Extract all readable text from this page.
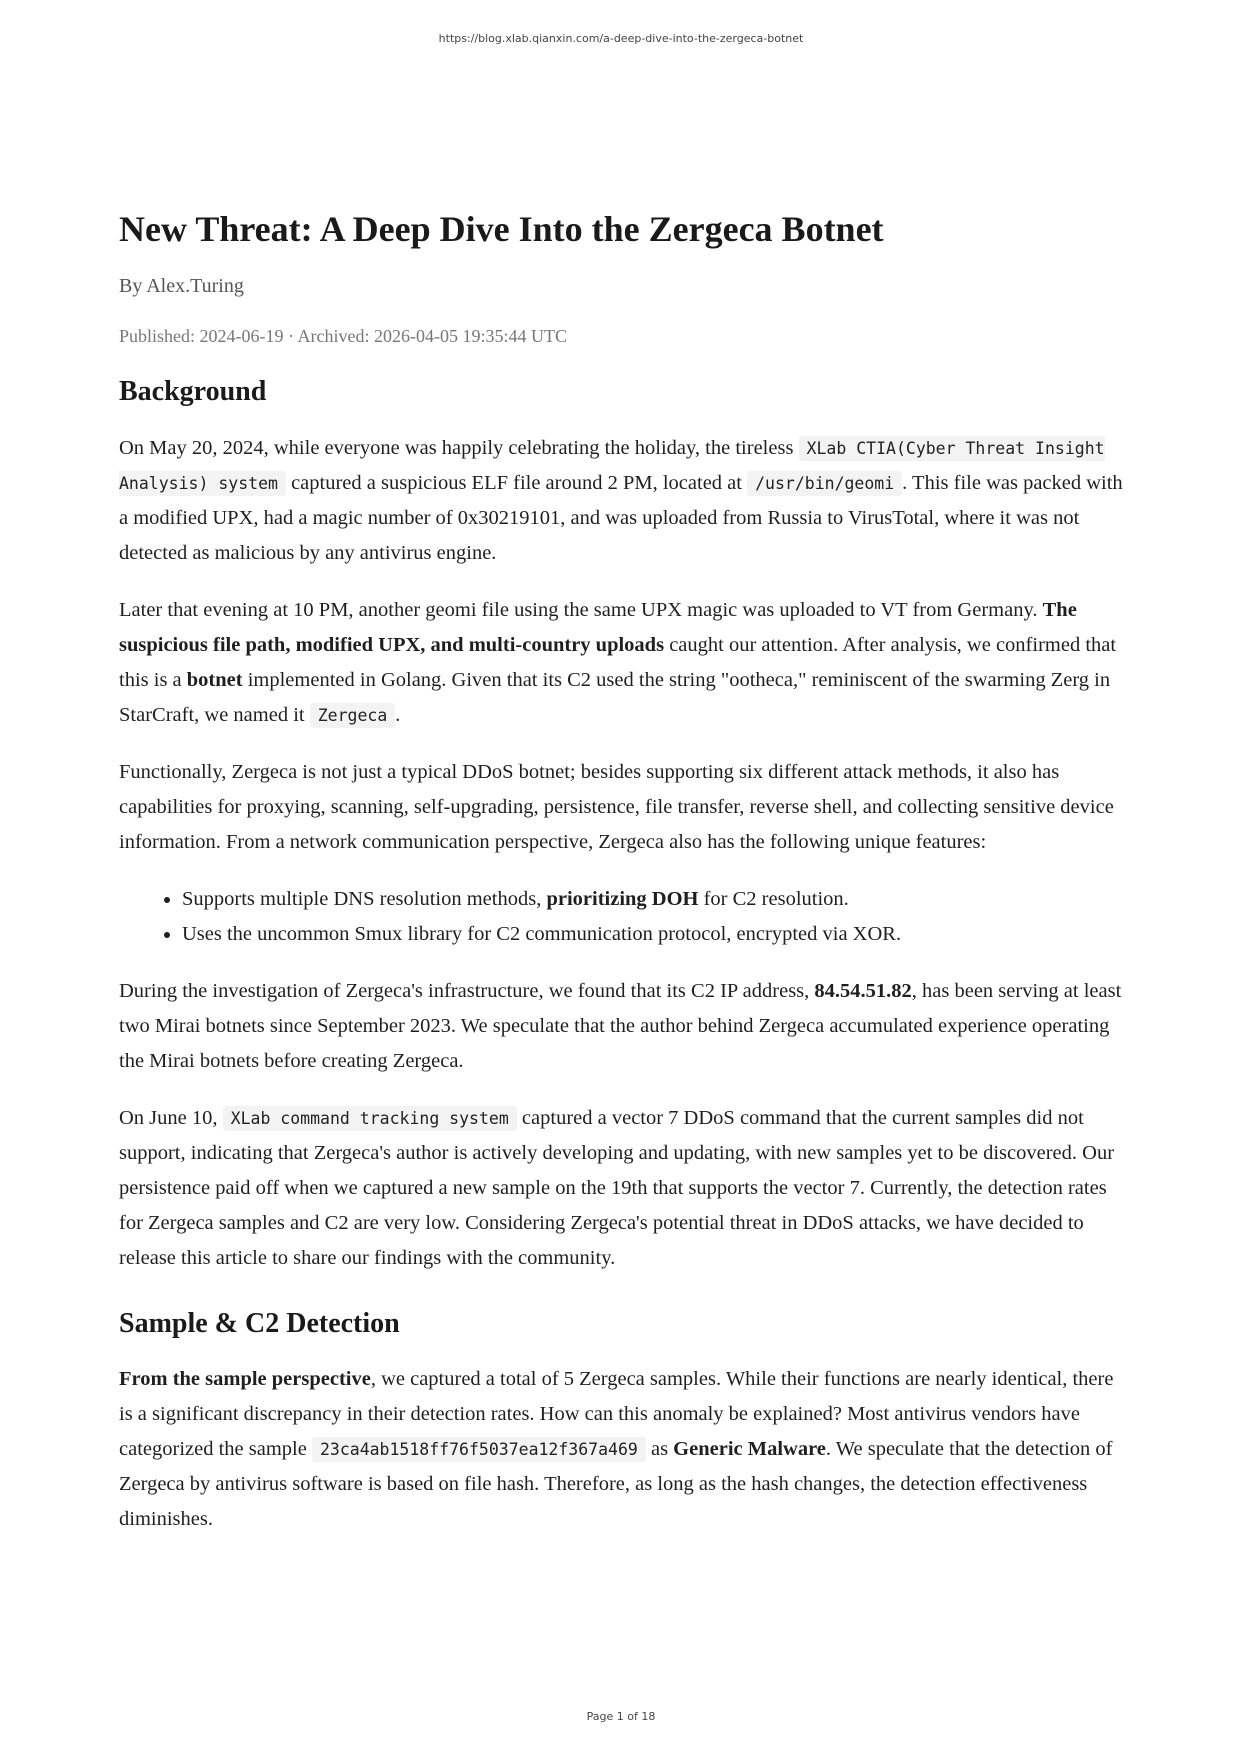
https://blog.xlab.qianxin.com/a-deep-dive-into-the-zergeca-botnet
New Threat: A Deep Dive Into the Zergeca Botnet
By Alex.Turing
Published: 2024-06-19 · Archived: 2026-04-05 19:35:44 UTC
Background

On May 20, 2024, while everyone was happily celebrating the holiday, the tireless XLab CTIA(Cyber Threat Insight Analysis) system captured a suspicious ELF file around 2 PM, located at /usr/bin/geomi . This file was packed with a modified UPX, had a magic number of 0x30219101, and was uploaded from Russia to VirusTotal, where it was not detected as malicious by any antivirus engine.

Later that evening at 10 PM, another geomi file using the same UPX magic was uploaded to VT from Germany. The suspicious file path, modified UPX, and multi-country uploads caught our attention. After analysis, we confirmed that this is a botnet implemented in Golang. Given that its C2 used the string "ootheca," reminiscent of the swarming Zerg in StarCraft, we named it Zergeca .

Functionally, Zergeca is not just a typical DDoS botnet; besides supporting six different attack methods, it also has capabilities for proxying, scanning, self-upgrading, persistence, file transfer, reverse shell, and collecting sensitive device information. From a network communication perspective, Zergeca also has the following unique features:

• Supports multiple DNS resolution methods, prioritizing DOH for C2 resolution.
• Uses the uncommon Smux library for C2 communication protocol, encrypted via XOR.

During the investigation of Zergeca's infrastructure, we found that its C2 IP address, 84.54.51.82, has been serving at least two Mirai botnets since September 2023. We speculate that the author behind Zergeca accumulated experience operating the Mirai botnets before creating Zergeca.

On June 10, XLab command tracking system captured a vector 7 DDoS command that the current samples did not support, indicating that Zergeca's author is actively developing and updating, with new samples yet to be discovered. Our persistence paid off when we captured a new sample on the 19th that supports the vector 7. Currently, the detection rates for Zergeca samples and C2 are very low. Considering Zergeca's potential threat in DDoS attacks, we have decided to release this article to share our findings with the community.

Sample & C2 Detection

From the sample perspective, we captured a total of 5 Zergeca samples. While their functions are nearly identical, there is a significant discrepancy in their detection rates. How can this anomaly be explained? Most antivirus vendors have categorized the sample 23ca4ab1518ff76f5037ea12f367a469 as Generic Malware. We speculate that the detection of Zergeca by antivirus software is based on file hash. Therefore, as long as the hash changes, the detection effectiveness diminishes.

Page 1 of 18
